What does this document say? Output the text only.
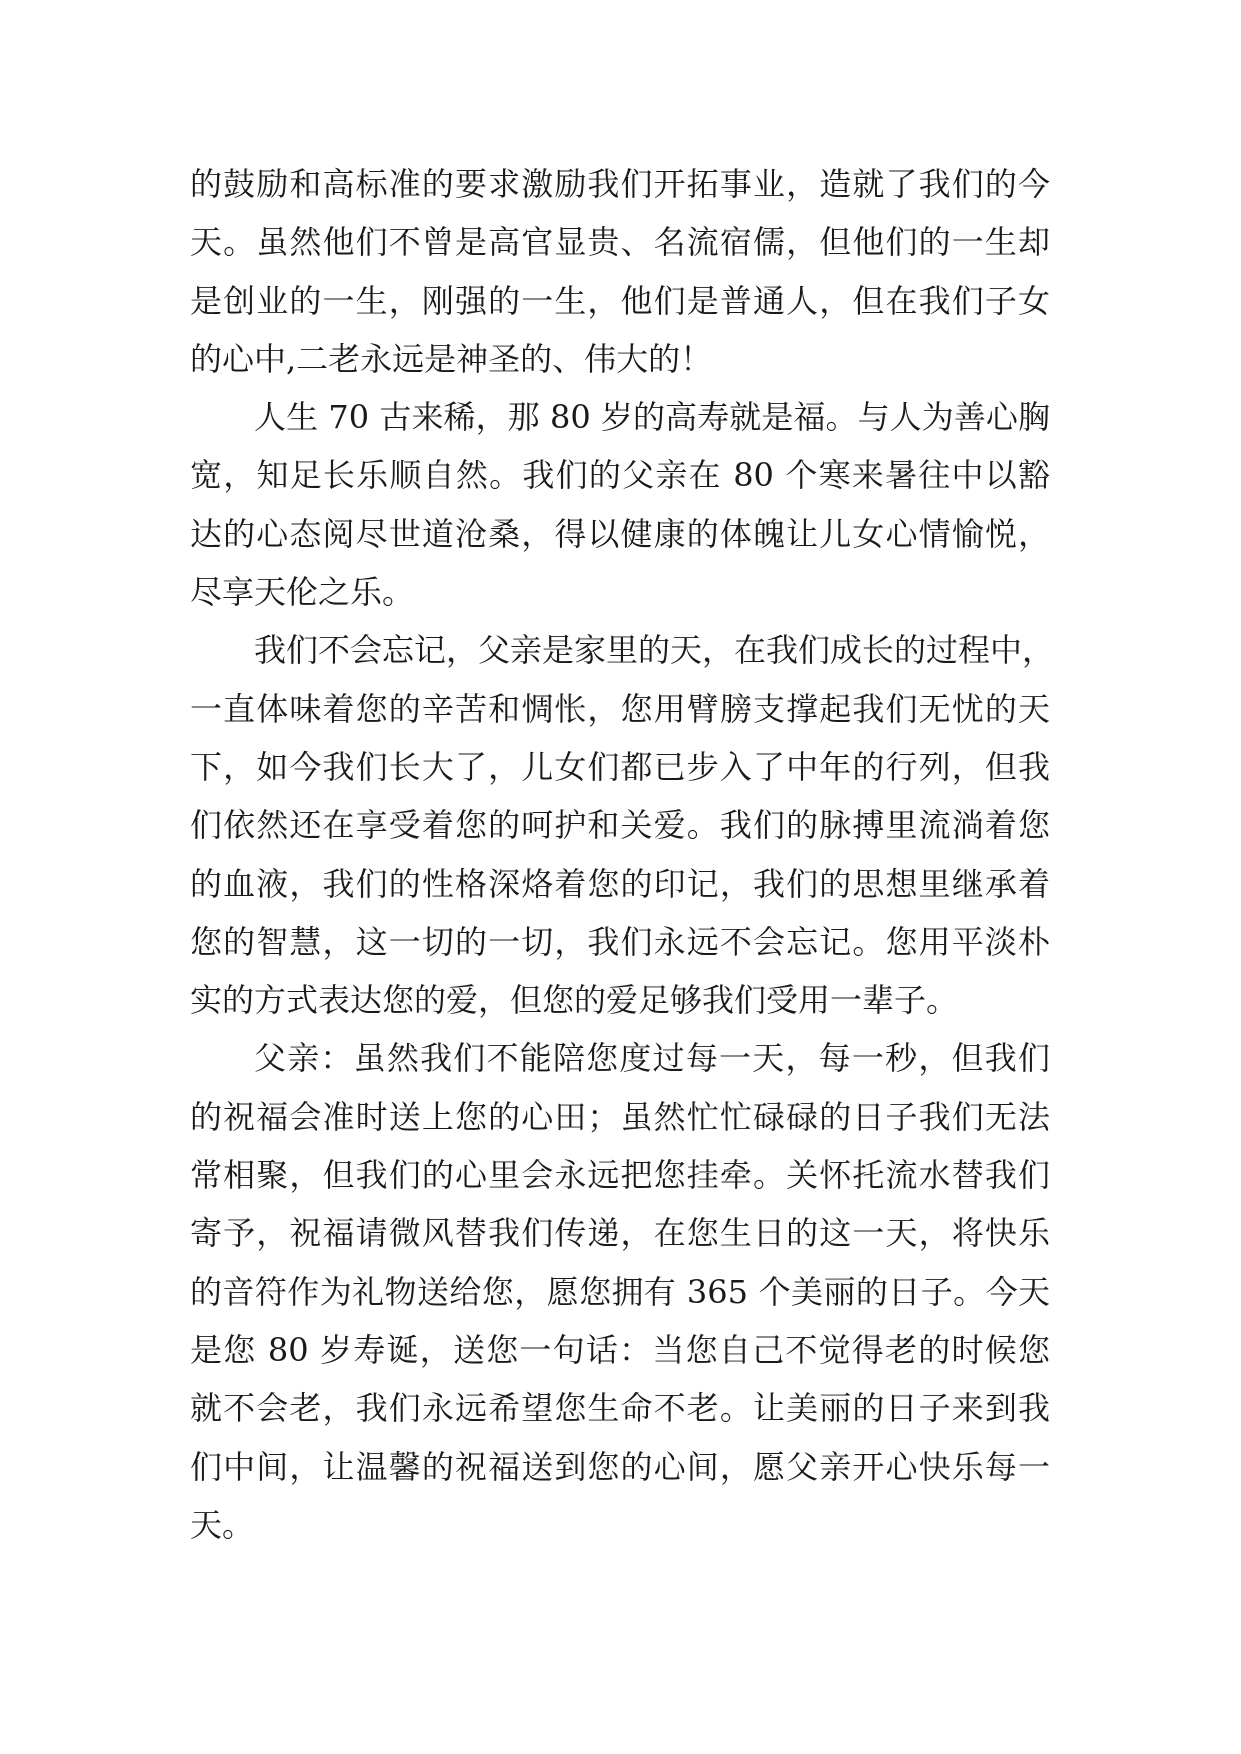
的鼓励和高标准的要求激励我们开拓事业，造就了我们的今
天。虽然他们不曾是高官显贵、名流宿儒，但他们的一生却
是创业的一生，刚强的一生，他们是普通人，但在我们子女
的心中,二老永远是神圣的、伟大的！
人生 70 古来稀，那 80 岁的高寿就是福。与人为善心胸
宽，知足长乐顺自然。我们的父亲在 80 个寒来暑往中以豁
达的心态阅尽世道沧桑，得以健康的体魄让儿女心情愉悦，
尽享天伦之乐。
我们不会忘记，父亲是家里的天，在我们成长的过程中，
一直体味着您的辛苦和惆怅，您用臂膀支撑起我们无忧的天
下，如今我们长大了，儿女们都已步入了中年的行列，但我
们依然还在享受着您的呵护和关爱。我们的脉搏里流淌着您
的血液，我们的性格深烙着您的印记，我们的思想里继承着
您的智慧，这一切的一切，我们永远不会忘记。您用平淡朴
实的方式表达您的爱，但您的爱足够我们受用一辈子。
父亲：虽然我们不能陪您度过每一天，每一秒，但我们
的祝福会准时送上您的心田；虽然忙忙碌碌的日子我们无法
常相聚，但我们的心里会永远把您挂牵。关怀托流水替我们
寄予，祝福请微风替我们传递，在您生日的这一天，将快乐
的音符作为礼物送给您，愿您拥有 365 个美丽的日子。今天
是您 80 岁寿诞，送您一句话：当您自己不觉得老的时候您
就不会老，我们永远希望您生命不老。让美丽的日子来到我
们中间，让温馨的祝福送到您的心间，愿父亲开心快乐每一
天。
